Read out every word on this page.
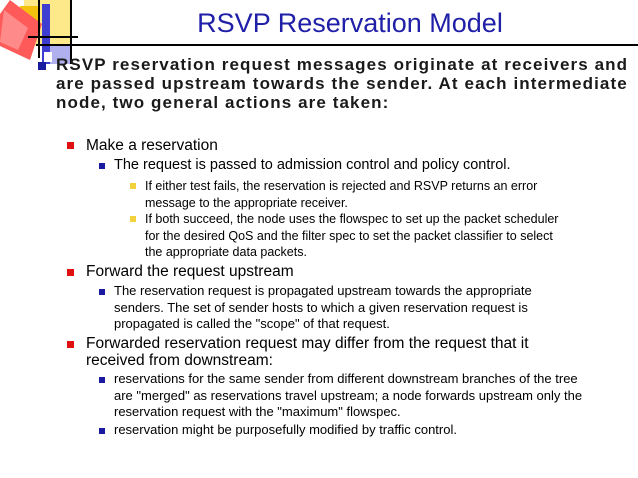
RSVP Reservation Model
RSVP reservation request messages originate at receivers and are passed upstream towards the sender. At each intermediate node, two general actions are taken:
Make a reservation
The request is passed to admission control and policy control.
If either test fails, the reservation is rejected and RSVP returns an error message to the appropriate receiver.
If both succeed, the node uses the flowspec to set up the packet scheduler for the desired QoS and the filter spec to set the packet classifier to select the appropriate data packets.
Forward the request upstream
The reservation request is propagated upstream towards the appropriate senders. The set of sender hosts to which a given reservation request is propagated is called the "scope" of that request.
Forwarded reservation request may differ from the request that it received from downstream:
reservations for the same sender from different downstream branches of the tree are "merged" as reservations travel upstream; a node forwards upstream only the reservation request with the "maximum" flowspec.
reservation might be purposefully modified by traffic control.
